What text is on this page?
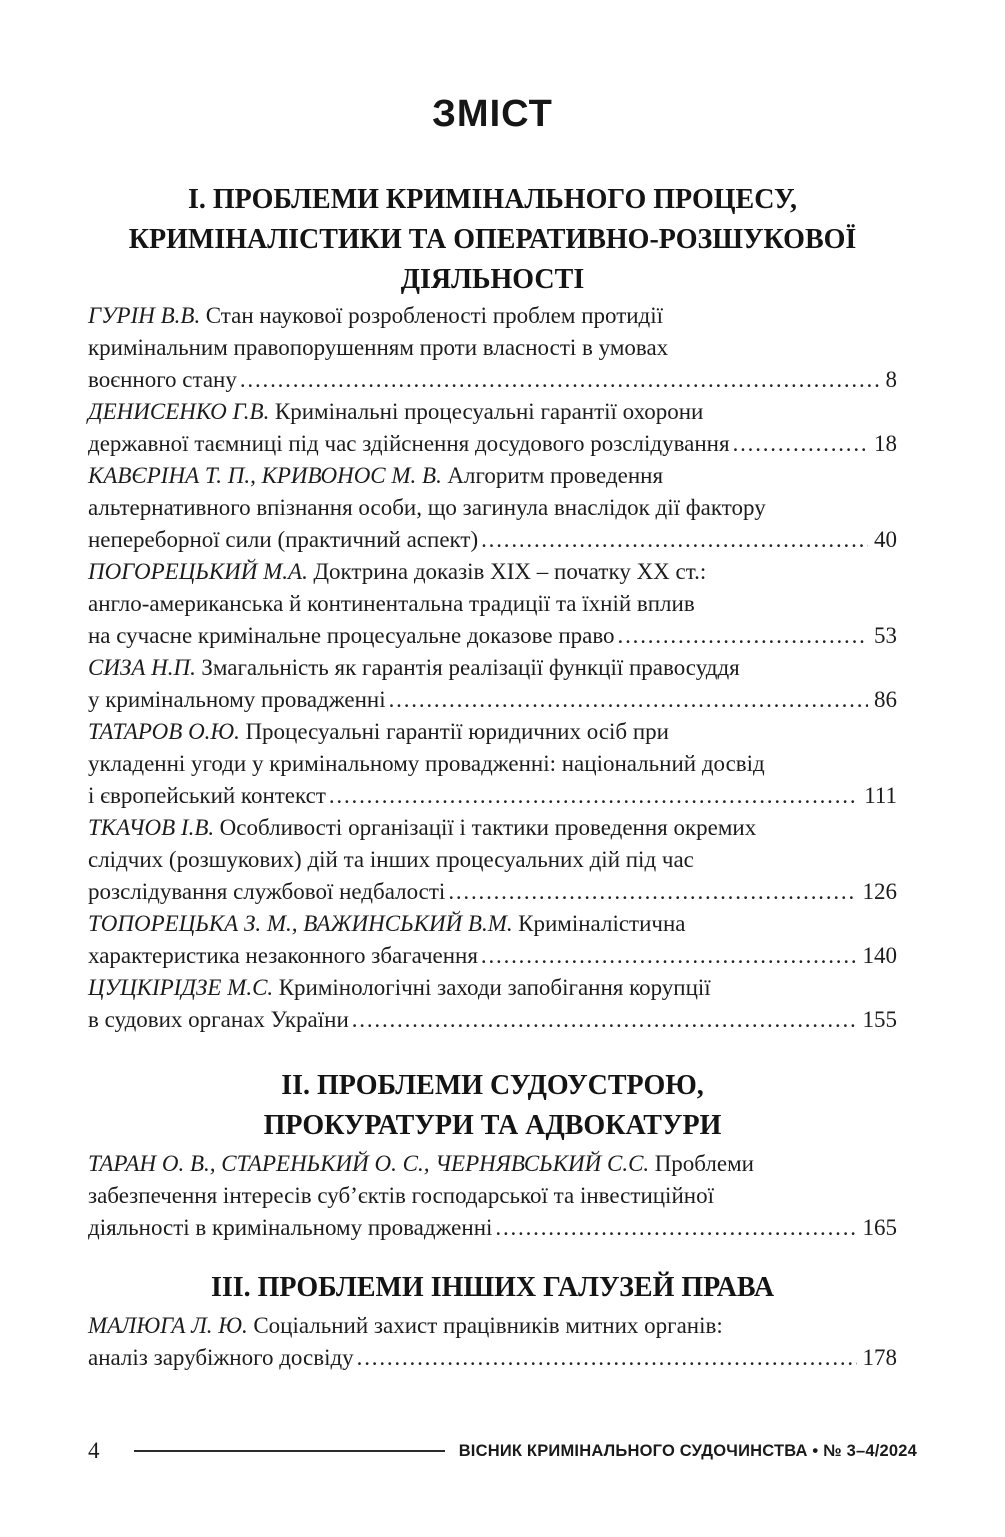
ЗМІСТ
І. ПРОБЛЕМИ КРИМІНАЛЬНОГО ПРОЦЕСУ,
КРИМІНАЛІСТИКИ ТА ОПЕРАТИВНО-РОЗШУКОВОЇ
ДІЯЛЬНОСТІ
ГУРІН В.В. Стан наукової розробленості проблем протидії
кримінальним правопорушенням проти власності в умовах
воєнного стану .....	8
ДЕНИСЕНКО Г.В. Кримінальні процесуальні гарантії охорони
державної таємниці під час здійснення досудового розслідування .....	18
КАВЄРІНА Т. П., КРИВОНОС М. В. Алгоритм проведення
альтернативного впізнання особи, що загинула внаслідок дії фактору
непереборної сили (практичний аспект) .....	40
ПОГОРЕЦЬКИЙ М.А. Доктрина доказів ХІХ – початку ХХ ст.:
англо-американська й континентальна традиції та їхній вплив
на сучасне кримінальне процесуальне доказове право .....	53
СИЗА Н.П. Змагальність як гарантія реалізації функції правосуддя
у кримінальному провадженні .....	86
ТАТАРОВ О.Ю. Процесуальні гарантії юридичних осіб при
укладенні угоди у кримінальному провадженні: національний досвід
і європейський контекст .....	111
ТКАЧОВ І.В. Особливості організації і тактики проведення окремих
слідчих (розшукових) дій та інших процесуальних дій під час
розслідування службової недбалості .....	126
ТОПОРЕЦЬКА З. М., ВАЖИНСЬКИЙ В.М. Криміналістична
характеристика незаконного збагачення .....	140
ЦУЦКІРІДЗЕ М.С. Кримінологічні заходи запобігання корупції
в судових органах України .....	155
ІІ. ПРОБЛЕМИ СУДОУСТРОЮ,
ПРОКУРАТУРИ ТА АДВОКАТУРИ
ТАРАН О. В., СТАРЕНЬКИЙ О. С., ЧЕРНЯВСЬКИЙ С.С. Проблеми
забезпечення інтересів суб’єктів господарської та інвестиційної
діяльності в кримінальному провадженні .....	165
ІІІ. ПРОБЛЕМИ ІНШИХ ГАЛУЗЕЙ ПРАВА
МАЛЮГА Л. Ю. Соціальний захист працівників митних органів:
аналіз зарубіжного досвіду .....	178
4	ВІСНИК КРИМІНАЛЬНОГО СУДОЧИНСТВА • № 3–4/2024
